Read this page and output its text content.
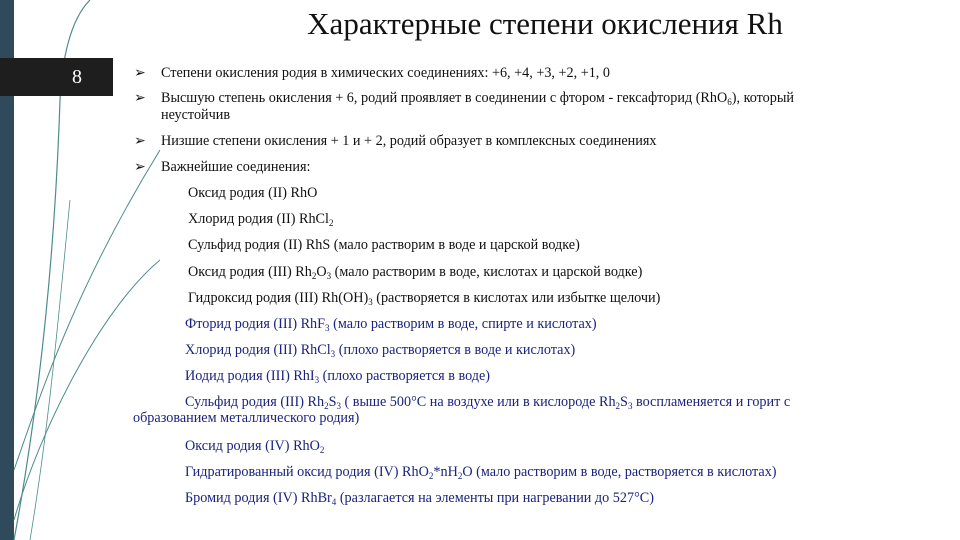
8
Характерные степени окисления Rh
➢ Степени окисления родия в химических соединениях: +6, +4, +3, +2, +1, 0
➢ Высшую степень окисления + 6, родий проявляет в соединении с фтором - гексафторид (RhO$_6$), который
неустойчив
➢ Низшие степени окисления + 1 и + 2, родий образует в комплексных соединениях
➢ Важнейшие соединения:
Оксид родия (II) RhO
Хлорид родия (II) RhCl$_2$
Сульфид родия (II) RhS (мало растворим в воде и царской водке)
Оксид родия (III) $Rh_2O_3$ (мало растворим в воде, кислотах и царской водке)
Гидроксид родия (III) $Rh(OH)_3$ (растворяется в кислотах или избытке щелочи)
Фторид родия (III) RhF$_3$ (мало растворим в воде, спирте и кислотах)
Хлорид родия (III) RhCl$_3$ (плохо растворяется в воде и кислотах)
Иодид родия (III) RhI$_3$ (плохо растворяется в воде)
Сульфид родия (III) $Rh_2S_3$ ( выше 500°С на воздухе или в кислороде $Rh_2S_3$ воспламеняется и горит с
образованием металлического родия)
Оксид родия (IV) RhO$_2$
Гидратированный оксид родия (IV) $RhO_2*nH_2O$ (мало растворим в воде, растворяется в кислотах)
Бромид родия (IV) RhBr$_4$ (разлагается на элементы при нагревании до 527°С)
